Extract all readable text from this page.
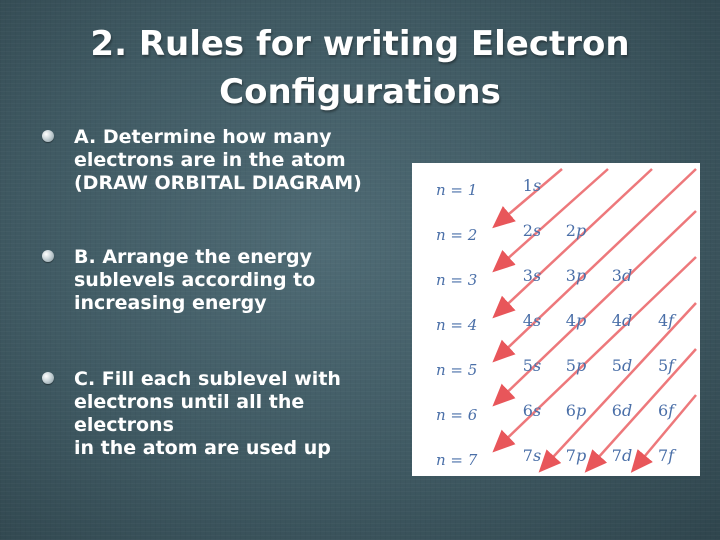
2. Rules for writing Electron
Configurations
A. Determine how many
electrons are in the atom
(DRAW ORBITAL DIAGRAM)
B. Arrange the energy
sublevels according to
increasing energy
C. Fill each sublevel with
electrons until all the electrons
in the atom are used up
n = 1	1s
n = 2	2s 2p
n = 3	3s 3p 3d
n = 4	4s 4p 4d 4f
n = 5	5s 5p 5d 5f
n = 6	6s 6p 6d 6f
n = 7	7s 7p 7d 7f
